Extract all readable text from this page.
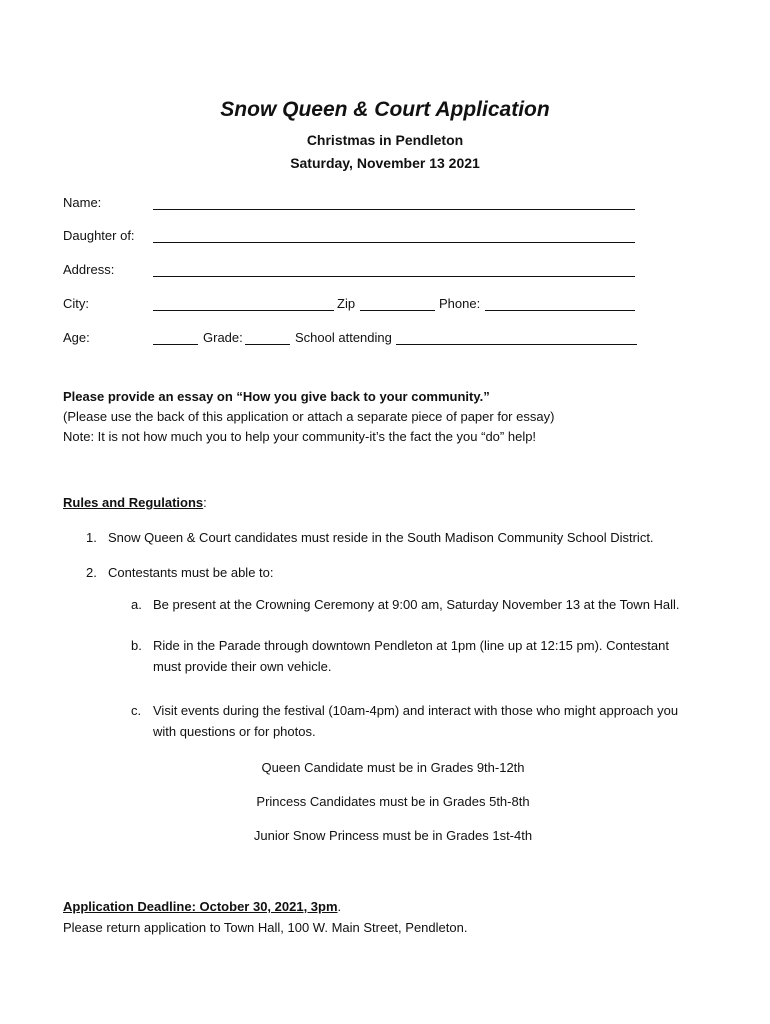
Snow Queen & Court Application
Christmas in Pendleton
Saturday, November 13 2021
Name:
Daughter of:
Address:
City:	Zip	Phone:
Age:	Grade:	School attending
Please provide an essay on “How you give back to your community.”
(Please use the back of this application or attach a separate piece of paper for essay)
Note: It is not how much you to help your community-it’s the fact the you “do” help!
Rules and Regulations:
1. Snow Queen & Court candidates must reside in the South Madison Community School District.
2. Contestants must be able to:
a. Be present at the Crowning Ceremony at 9:00 am, Saturday November 13 at the Town Hall.
b. Ride in the Parade through downtown Pendleton at 1pm (line up at 12:15 pm). Contestant
must provide their own vehicle.
c. Visit events during the festival (10am-4pm) and interact with those who might approach you
with questions or for photos.
Queen Candidate must be in Grades 9th-12th
Princess Candidates must be in Grades 5th-8th
Junior Snow Princess must be in Grades 1st-4th
Application Deadline: October 30, 2021, 3pm.
Please return application to Town Hall, 100 W. Main Street, Pendleton.
